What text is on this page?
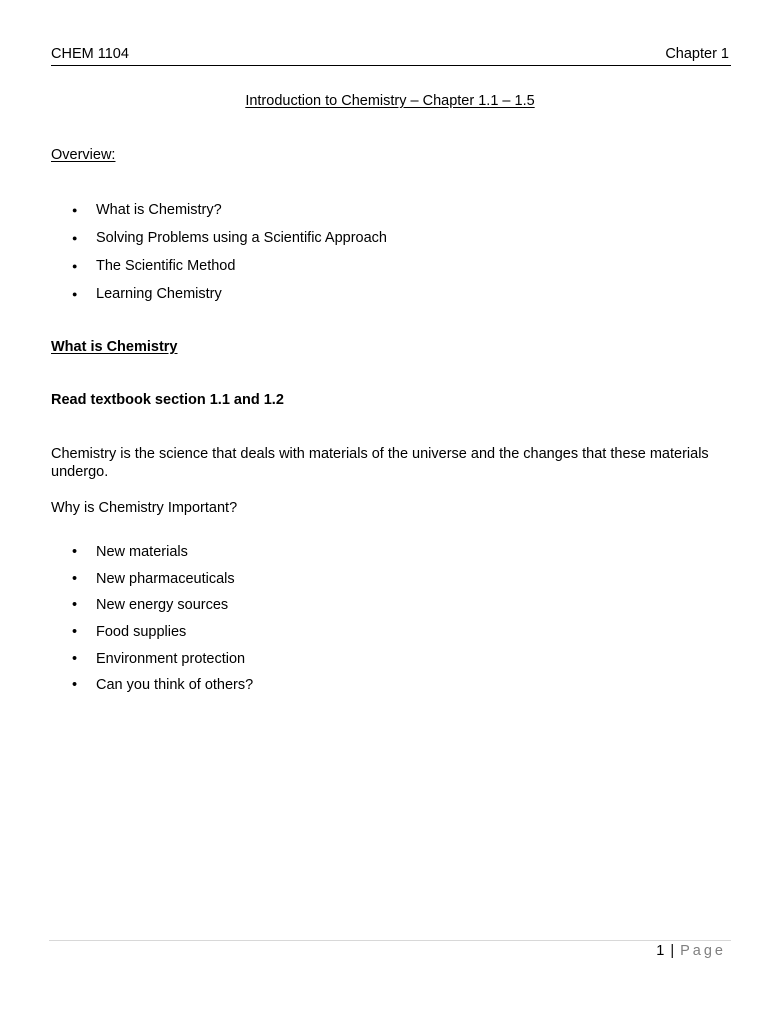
CHEM 1104	Chapter 1
Introduction to Chemistry – Chapter 1.1 – 1.5
Overview:
●	What is Chemistry?
●	Solving Problems using a Scientific Approach
●	The Scientific Method
●	Learning Chemistry
What is Chemistry
Read textbook section 1.1 and 1.2
Chemistry is the science that deals with materials of the universe and the changes that these materials undergo.
Why is Chemistry Important?
•	New materials
•	New pharmaceuticals
•	New energy sources
•	Food supplies
•	Environment protection
•	Can you think of others?
1 | Page
